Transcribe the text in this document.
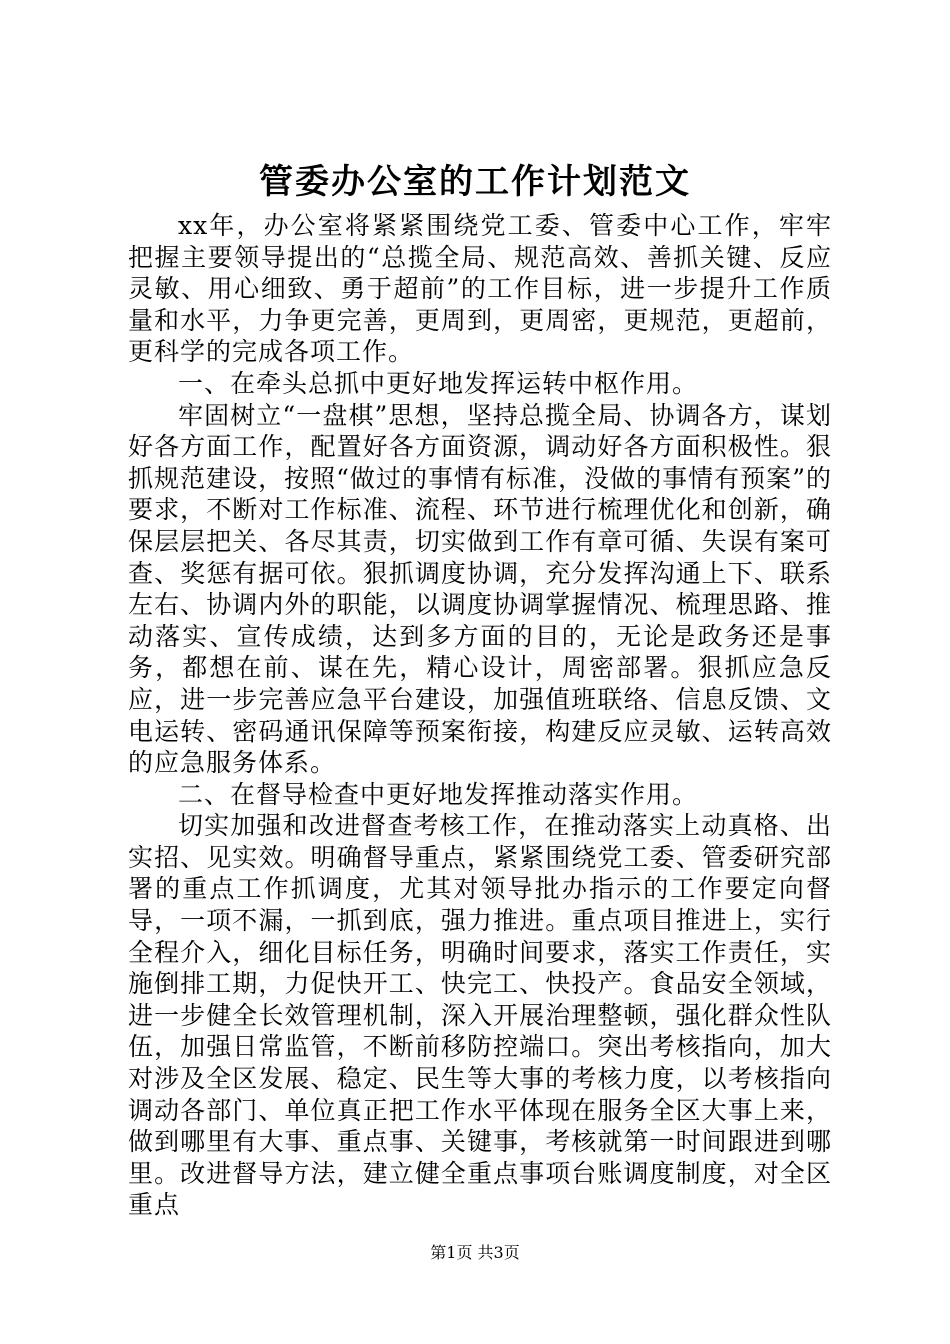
管委办公室的工作计划范文

xx年，办公室将紧紧围绕党工委、管委中心工作，牢牢把握主要领导提出的“总揽全局、规范高效、善抓关键、反应灵敏、用心细致、勇于超前”的工作目标，进一步提升工作质量和水平，力争更完善，更周到，更周密，更规范，更超前，更科学的完成各项工作。

一、在牵头总抓中更好地发挥运转中枢作用。

牢固树立“一盘棋”思想，坚持总揽全局、协调各方，谋划好各方面工作，配置好各方面资源，调动好各方面积极性。狠抓规范建设，按照“做过的事情有标准，没做的事情有预案”的要求，不断对工作标准、流程、环节进行梳理优化和创新，确保层层把关、各尽其责，切实做到工作有章可循、失误有案可查、奖惩有据可依。狠抓调度协调，充分发挥沟通上下、联系左右、协调内外的职能，以调度协调掌握情况、梳理思路、推动落实、宣传成绩，达到多方面的目的，无论是政务还是事务，都想在前、谋在先，精心设计，周密部署。狠抓应急反应，进一步完善应急平台建设，加强值班联络、信息反馈、文电运转、密码通讯保障等预案衔接，构建反应灵敏、运转高效的应急服务体系。

二、在督导检查中更好地发挥推动落实作用。

切实加强和改进督查考核工作，在推动落实上动真格、出实招、见实效。明确督导重点，紧紧围绕党工委、管委研究部署的重点工作抓调度，尤其对领导批办指示的工作要定向督导，一项不漏，一抓到底，强力推进。重点项目推进上，实行全程介入，细化目标任务，明确时间要求，落实工作责任，实施倒排工期，力促快开工、快完工、快投产。食品安全领域，进一步健全长效管理机制，深入开展治理整顿，强化群众性队伍，加强日常监管，不断前移防控端口。突出考核指向，加大对涉及全区发展、稳定、民生等大事的考核力度，以考核指向调动各部门、单位真正把工作水平体现在服务全区大事上来，做到哪里有大事、重点事、关键事，考核就第一时间跟进到哪里。改进督导方法，建立健全重点事项台账调度制度，对全区重点

第1页 共3页
